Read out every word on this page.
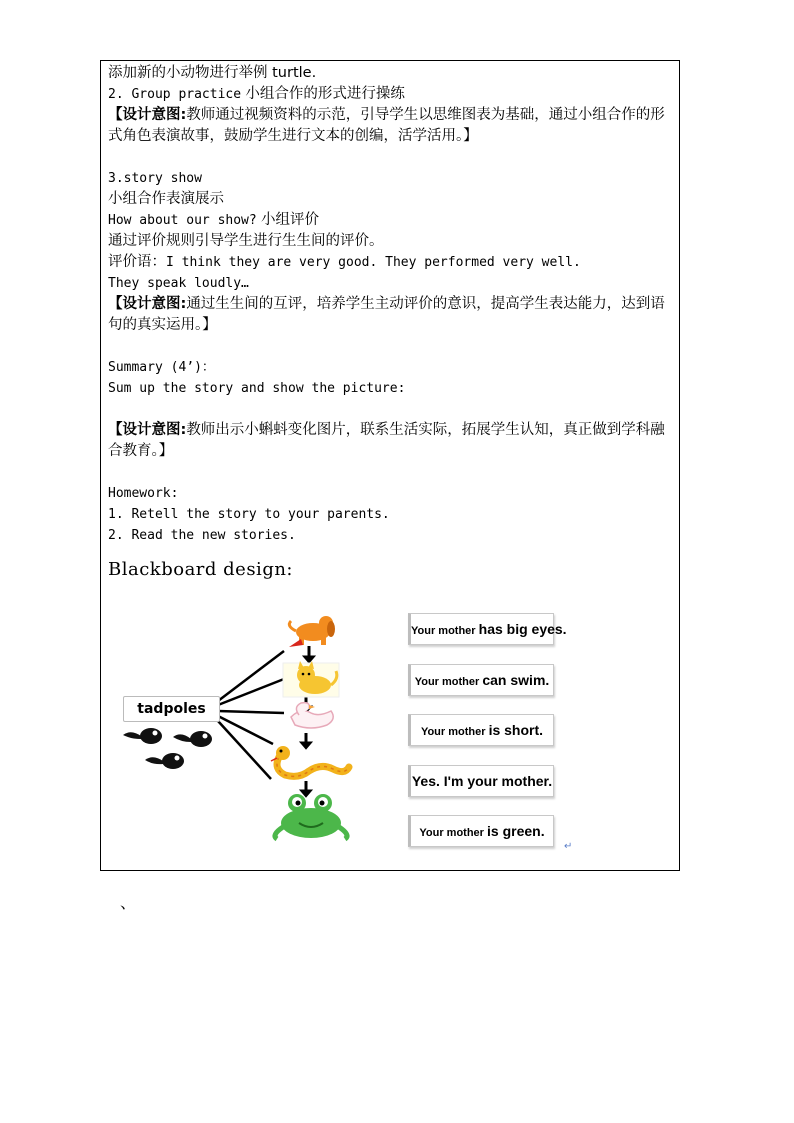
添加新的小动物进行举例 turtle.
2. Group practice 小组合作的形式进行操练
【设计意图:教师通过视频资料的示范，引导学生以思维图表为基础，通过小组合作的形式角色表演故事，鼓励学生进行文本的创编，活学活用。】
3.story show
小组合作表演展示
How about our show? 小组评价
通过评价规则引导学生进行生生间的评价。
评价语：I think they are very good. They performed very well.
They speak loudly…
【设计意图:通过生生间的互评，培养学生主动评价的意识，提高学生表达能力，达到语句的真实运用。】
Summary (4’)：
Sum up the story and show the picture:
【设计意图:教师出示小蝌蚪变化图片，联系生活实际，拓展学生认知，真正做到学科融合教育。】
Homework:
1. Retell the story to your parents.
2. Read the new stories.
Blackboard design:
tadpoles
Your mother has big eyes.
Your mother can swim.
Your mother is short.
Yes. I'm your mother.
Your mother is green.
↵
、
